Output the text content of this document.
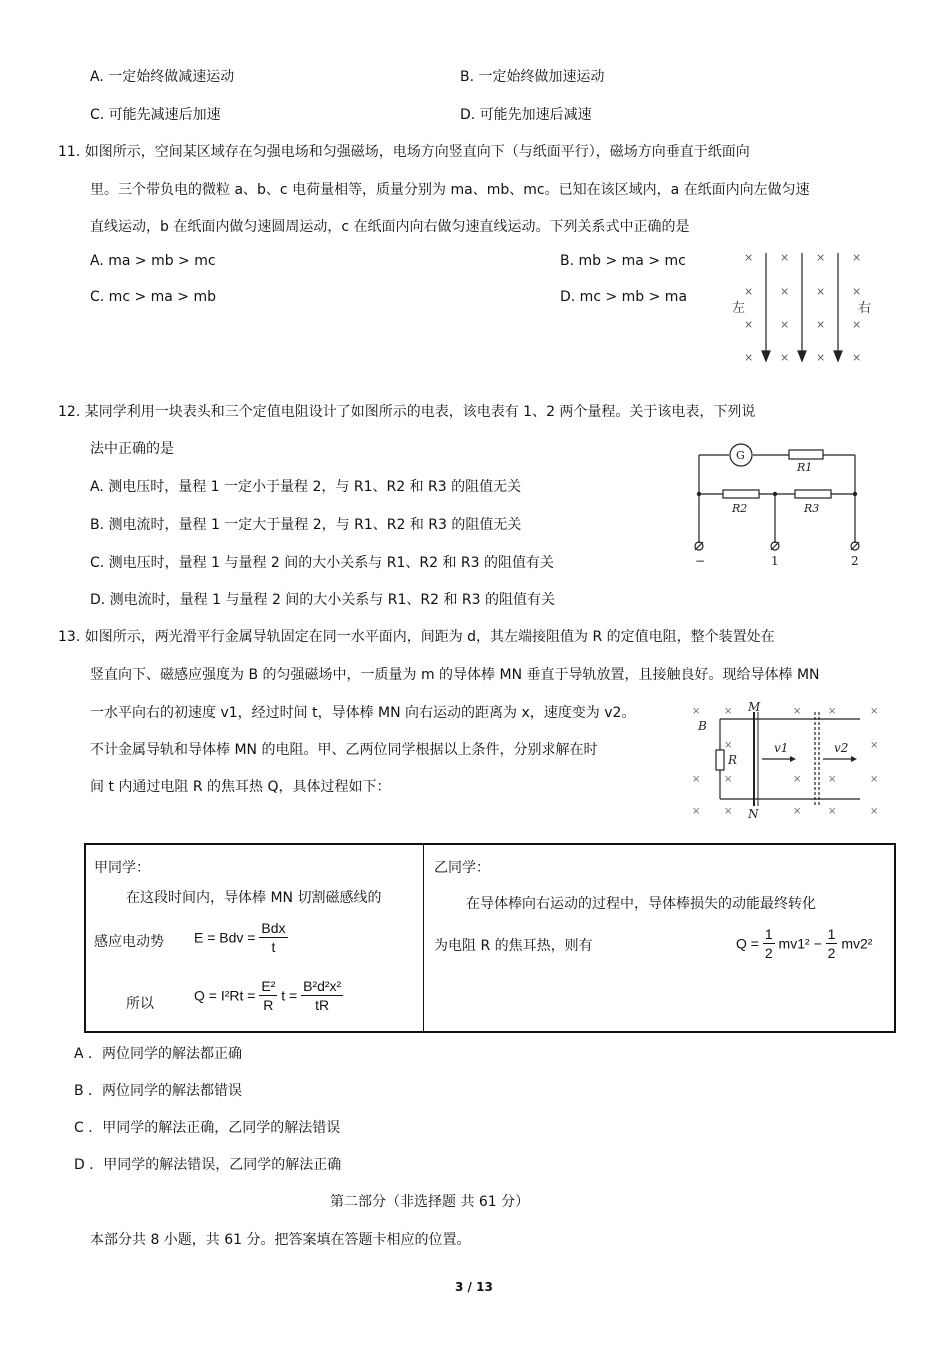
A. 一定始终做减速运动	B. 一定始终做加速运动
C. 可能先减速后加速	D. 可能先加速后减速
11. 如图所示，空间某区域存在匀强电场和匀强磁场，电场方向竖直向下（与纸面平行），磁场方向垂直于纸面向
里。三个带负电的微粒 a、b、c 电荷量相等，质量分别为 ma、mb、mc。已知在该区域内，a 在纸面内向左做匀速
直线运动，b 在纸面内做匀速圆周运动，c 在纸面内向右做匀速直线运动。下列关系式中正确的是
A. ma > mb > mc	B. mb > ma > mc
C. mc > ma > mb	D. mc > mb > ma
× × × ×
× × × ×
× × × ×
× × × ×
左	右
12. 某同学利用一块表头和三个定值电阻设计了如图所示的电表，该电表有 1、2 两个量程。关于该电表，下列说
法中正确的是
A. 测电压时，量程 1 一定小于量程 2，与 R1、R2 和 R3 的阻值无关
B. 测电流时，量程 1 一定大于量程 2，与 R1、R2 和 R3 的阻值无关
C. 测电压时，量程 1 与量程 2 间的大小关系与 R1、R2 和 R3 的阻值有关
D. 测电流时，量程 1 与量程 2 间的大小关系与 R1、R2 和 R3 的阻值有关
G
R1
R2	R3
−	1	2
13. 如图所示，两光滑平行金属导轨固定在同一水平面内，间距为 d，其左端接阻值为 R 的定值电阻，整个装置处在
竖直向下、磁感应强度为 B 的匀强磁场中，一质量为 m 的导体棒 MN 垂直于导轨放置，且接触良好。现给导体棒 MN
一水平向右的初速度 v1，经过时间 t，导体棒 MN 向右运动的距离为 x，速度变为 v2。
不计金属导轨和导体棒 MN 的电阻。甲、乙两位同学根据以上条件，分别求解在时
间 t 内通过电阻 R 的焦耳热 Q，具体过程如下：
× ×	×	×	×
×	×
× ×	×	×	×
× ×	×	×	×
B
R
M
N
v1	v2
甲同学：
在这段时间内，导体棒 MN 切割磁感线的
感应电动势 E = Bdv = $\frac{\text{Bdx}}{t}$
所以
$Q = I^2Rt = \frac{\text{E²}}{R}$ $t = \frac{\text{B²d²x²}}{tR}$
乙同学：
在导体棒向右运动的过程中，导体棒损失的动能最终转化
为电阻 R 的焦耳热，则有	$Q = \frac{1}{2} mv1^2 - \frac{1}{2} mv2^2$
A ．两位同学的解法都正确
B ．两位同学的解法都错误
C ．甲同学的解法正确，乙同学的解法错误
D ．甲同学的解法错误，乙同学的解法正确
第二部分（非选择题 共 61 分）
本部分共 8 小题，共 61 分。把答案填在答题卡相应的位置。
3 / 13
